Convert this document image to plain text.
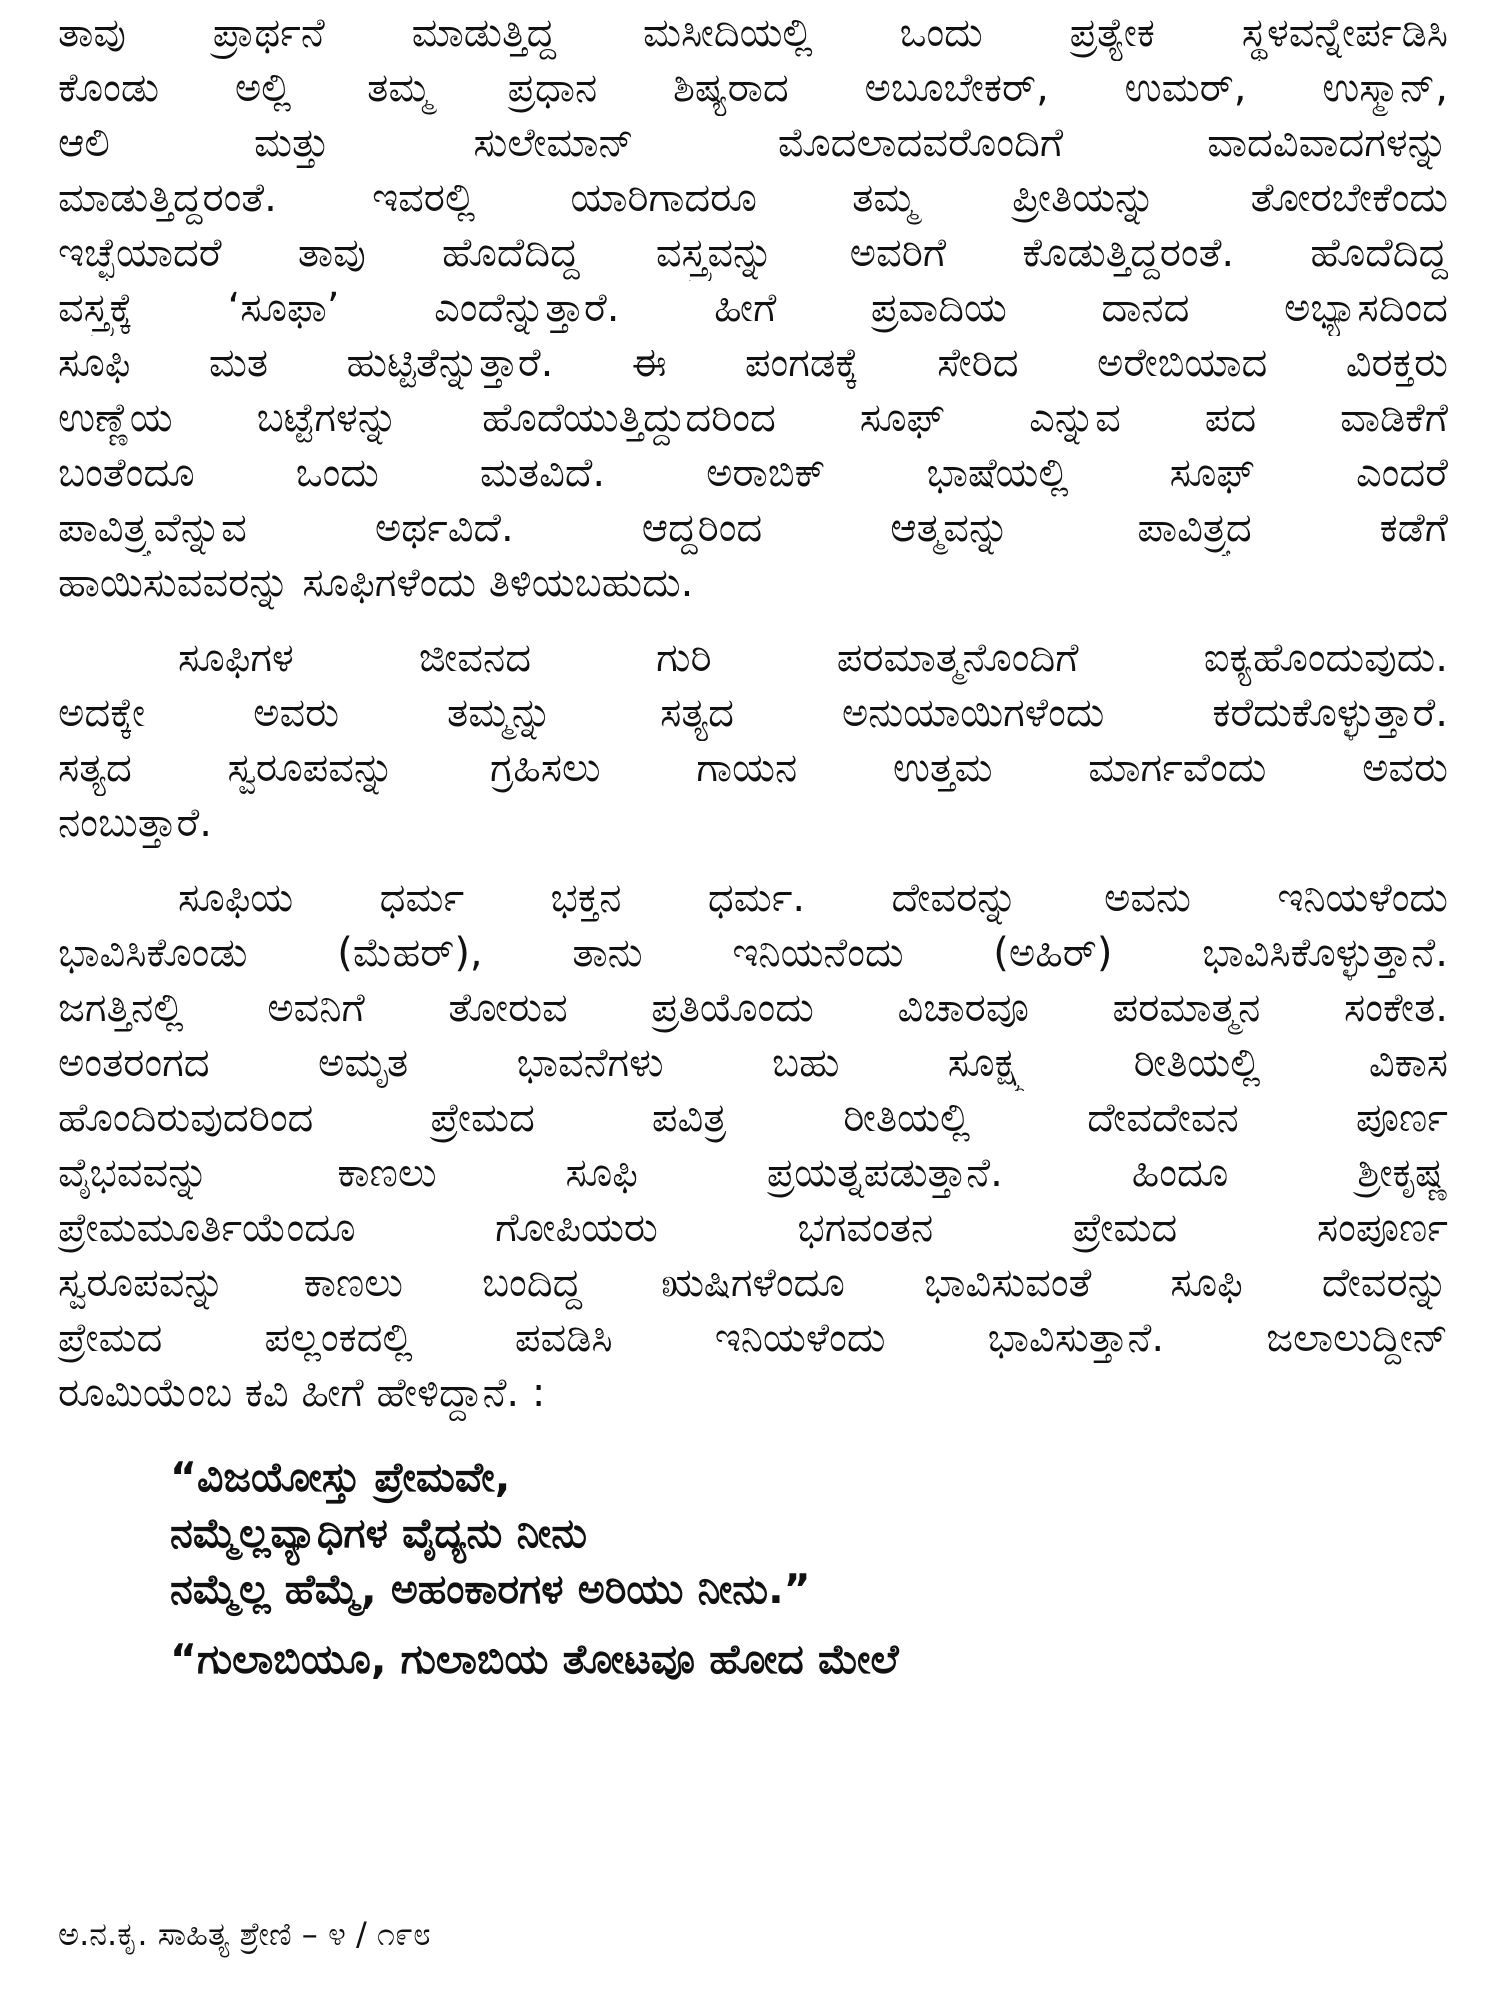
ತಾವು ಪ್ರಾರ್ಥನೆ ಮಾಡುತ್ತಿದ್ದ ಮಸೀದಿಯಲ್ಲಿ ಒಂದು ಪ್ರತ್ಯೇಕ ಸ್ಥಳವನ್ನೇರ್ಪಡಿಸಿ
ಕೊಂಡು ಅಲ್ಲಿ ತಮ್ಮ ಪ್ರಧಾನ ಶಿಷ್ಯರಾದ ಅಬೂಬೇಕರ್, ಉಮರ್, ಉಸ್ಮಾನ್,
ಆಲಿ ಮತ್ತು ಸುಲೇಮಾನ್ ಮೊದಲಾದವರೊಂದಿಗೆ ವಾದವಿವಾದಗಳನ್ನು
ಮಾಡುತ್ತಿದ್ದರಂತೆ. ಇವರಲ್ಲಿ ಯಾರಿಗಾದರೂ ತಮ್ಮ ಪ್ರೀತಿಯನ್ನು ತೋರಬೇಕೆಂದು
ಇಚ್ಛೆಯಾದರೆ ತಾವು ಹೊದೆದಿದ್ದ ವಸ್ತ್ರವನ್ನು ಅವರಿಗೆ ಕೊಡುತ್ತಿದ್ದರಂತೆ. ಹೊದೆದಿದ್ದ
ವಸ್ತ್ರಕ್ಕೆ ‘ಸೂಫಾ’ ಎಂದೆನ್ನುತ್ತಾರೆ. ಹೀಗೆ ಪ್ರವಾದಿಯ ದಾನದ ಅಭ್ಯಾಸದಿಂದ
ಸೂಫಿ ಮತ ಹುಟ್ಟಿತೆನ್ನುತ್ತಾರೆ. ಈ ಪಂಗಡಕ್ಕೆ ಸೇರಿದ ಅರೇಬಿಯಾದ ವಿರಕ್ತರು
ಉಣ್ಣೆಯ ಬಟ್ಟೆಗಳನ್ನು ಹೊದೆಯುತ್ತಿದ್ದುದರಿಂದ ಸೂಫ್ ಎನ್ನುವ ಪದ ವಾಡಿಕೆಗೆ
ಬಂತೆಂದೂ ಒಂದು ಮತವಿದೆ. ಅರಾಬಿಕ್ ಭಾಷೆಯಲ್ಲಿ ಸೂಫ್ ಎಂದರೆ
ಪಾವಿತ್ರ್ಯವೆನ್ನುವ ಅರ್ಥವಿದೆ. ಆದ್ದರಿಂದ ಆತ್ಮವನ್ನು ಪಾವಿತ್ರ್ಯದ ಕಡೆಗೆ
ಹಾಯಿಸುವವರನ್ನು ಸೂಫಿಗಳೆಂದು ತಿಳಿಯಬಹುದು.
ಸೂಫಿಗಳ ಜೀವನದ ಗುರಿ ಪರಮಾತ್ಮನೊಂದಿಗೆ ಐಕ್ಯಹೊಂದುವುದು.
ಅದಕ್ಕೇ ಅವರು ತಮ್ಮನ್ನು ಸತ್ಯದ ಅನುಯಾಯಿಗಳೆಂದು ಕರೆದುಕೊಳ್ಳುತ್ತಾರೆ.
ಸತ್ಯದ ಸ್ವರೂಪವನ್ನು ಗ್ರಹಿಸಲು ಗಾಯನ ಉತ್ತಮ ಮಾರ್ಗವೆಂದು ಅವರು
ನಂಬುತ್ತಾರೆ.
ಸೂಫಿಯ ಧರ್ಮ ಭಕ್ತನ ಧರ್ಮ. ದೇವರನ್ನು ಅವನು ಇನಿಯಳೆಂದು
ಭಾವಿಸಿಕೊಂಡು (ಮೆಹರ್), ತಾನು ಇನಿಯನೆಂದು (ಅಹಿರ್) ಭಾವಿಸಿಕೊಳ್ಳುತ್ತಾನೆ.
ಜಗತ್ತಿನಲ್ಲಿ ಅವನಿಗೆ ತೋರುವ ಪ್ರತಿಯೊಂದು ವಿಚಾರವೂ ಪರಮಾತ್ಮನ ಸಂಕೇತ.
ಅಂತರಂಗದ ಅಮೃತ ಭಾವನೆಗಳು ಬಹು ಸೂಕ್ಷ್ಮ ರೀತಿಯಲ್ಲಿ ವಿಕಾಸ
ಹೊಂದಿರುವುದರಿಂದ ಪ್ರೇಮದ ಪವಿತ್ರ ರೀತಿಯಲ್ಲಿ ದೇವದೇವನ ಪೂರ್ಣ
ವೈಭವವನ್ನು ಕಾಣಲು ಸೂಫಿ ಪ್ರಯತ್ನಪಡುತ್ತಾನೆ. ಹಿಂದೂ ಶ್ರೀಕೃಷ್ಣ
ಪ್ರೇಮಮೂರ್ತಿಯೆಂದೂ ಗೋಪಿಯರು ಭಗವಂತನ ಪ್ರೇಮದ ಸಂಪೂರ್ಣ
ಸ್ವರೂಪವನ್ನು ಕಾಣಲು ಬಂದಿದ್ದ ಋಷಿಗಳೆಂದೂ ಭಾವಿಸುವಂತೆ ಸೂಫಿ ದೇವರನ್ನು
ಪ್ರೇಮದ ಪಲ್ಲಂಕದಲ್ಲಿ ಪವಡಿಸಿ ಇನಿಯಳೆಂದು ಭಾವಿಸುತ್ತಾನೆ. ಜಲಾಲುದ್ದೀನ್
ರೂಮಿಯೆಂಬ ಕವಿ ಹೀಗೆ ಹೇಳಿದ್ದಾನೆ. :
“ವಿಜಯೋಸ್ತು ಪ್ರೇಮವೇ,
ನಮ್ಮೆಲ್ಲವ್ಯಾಧಿಗಳ ವೈದ್ಯನು ನೀನು
ನಮ್ಮೆಲ್ಲ ಹೆಮ್ಮೆ, ಅಹಂಕಾರಗಳ ಅರಿಯು ನೀನು.”
“ಗುಲಾಬಿಯೂ, ಗುಲಾಬಿಯ ತೋಟವೂ ಹೋದ ಮೇಲೆ
ಅ.ನ.ಕೃ. ಸಾಹಿತ್ಯ ಶ್ರೇಣಿ – ೪ / ೧೯೮
